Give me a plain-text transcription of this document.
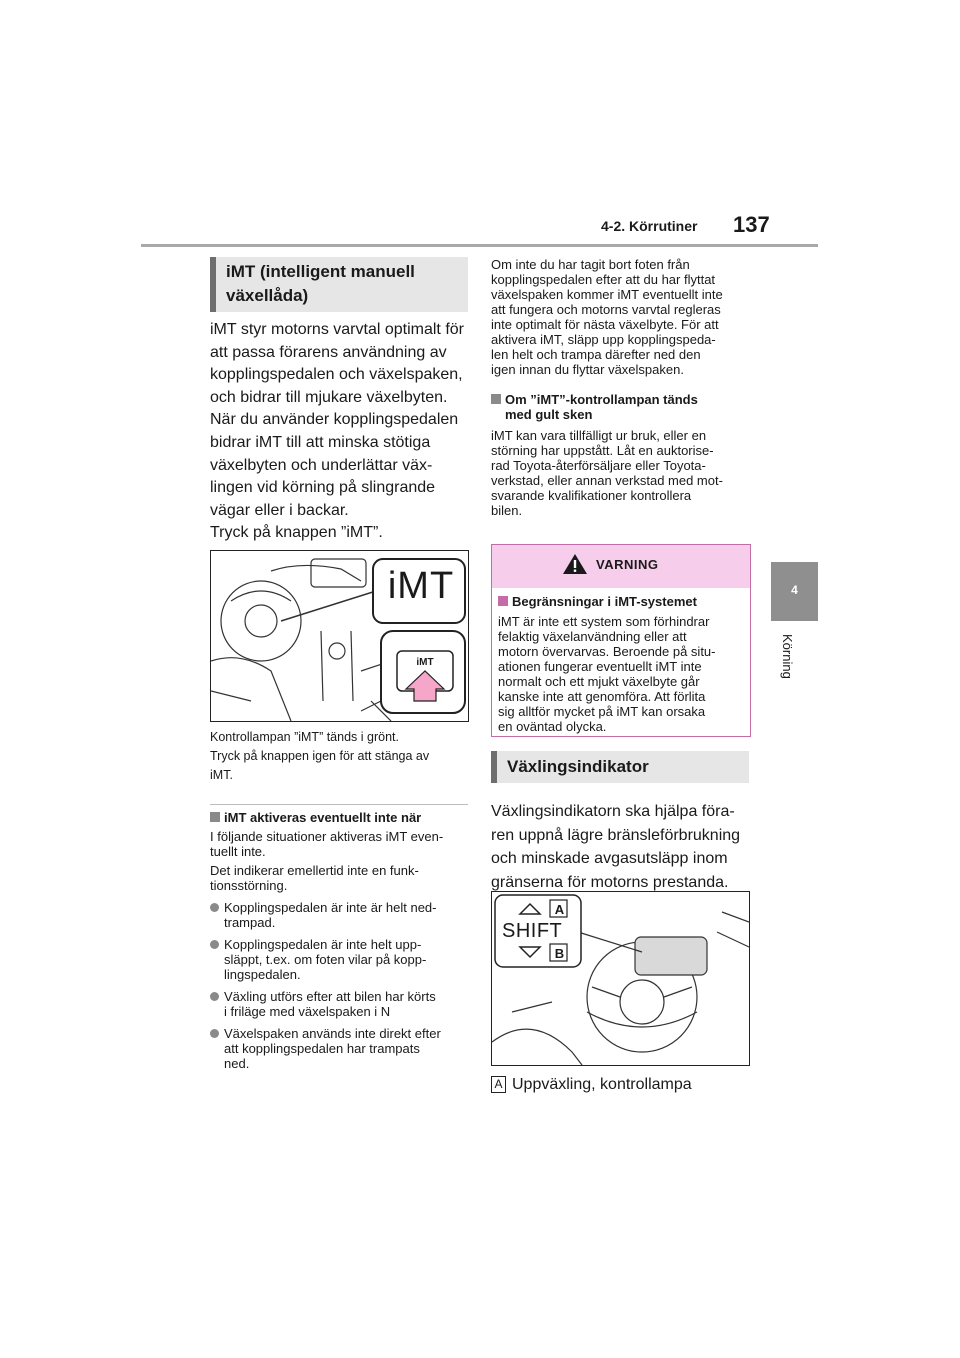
4-2. Körrutiner 137
4
Körning
iMT (intelligent manuell växellåda)
iMT styr motorns varvtal optimalt för
att passa förarens användning av
kopplingspedalen och växelspaken,
och bidrar till mjukare växelbyten.
När du använder kopplingspedalen
bidrar iMT till att minska stötiga
växelbyten och underlättar väx-
lingen vid körning på slingrande
vägar eller i backar.
Tryck på knappen ”iMT”.
iMT
iMT
Kontrollampan ”iMT” tänds i grönt.
Tryck på knappen igen för att stänga av
iMT.
iMT aktiveras eventuellt inte när
I följande situationer aktiveras iMT even-
tuellt inte.
Det indikerar emellertid inte en funk-
tionsstörning.
Kopplingspedalen är inte är helt ned-
trampad.
Kopplingspedalen är inte helt upp-
släppt, t.ex. om foten vilar på kopp-
lingspedalen.
Växling utförs efter att bilen har körts
i friläge med växelspaken i N
Växelspaken används inte direkt efter
att kopplingspedalen har trampats
ned.
Om inte du har tagit bort foten från
kopplingspedalen efter att du har flyttat
växelspaken kommer iMT eventuellt inte
att fungera och motorns varvtal regleras
inte optimalt för nästa växelbyte. För att
aktivera iMT, släpp upp kopplingspeda-
len helt och trampa därefter ned den
igen innan du flyttar växelspaken.
Om ”iMT”-kontrollampan tänds
med gult sken
iMT kan vara tillfälligt ur bruk, eller en
störning har uppstått. Låt en auktorise-
rad Toyota-återförsäljare eller Toyota-
verkstad, eller annan verkstad med mot-
svarande kvalifikationer kontrollera
bilen.
VARNING
Begränsningar i iMT-systemet
iMT är inte ett system som förhindrar
felaktig växelanvändning eller att
motorn övervarvas. Beroende på situ-
ationen fungerar eventuellt iMT inte
normalt och ett mjukt växelbyte går
kanske inte att genomföra. Att förlita
sig alltför mycket på iMT kan orsaka
en oväntad olycka.
Växlingsindikator
Växlingsindikatorn ska hjälpa föra-
ren uppnå lägre bränsleförbrukning
och minskade avgasutsläpp inom
gränserna för motorns prestanda.
SHIFT
A
B
A Uppväxling, kontrollampa
